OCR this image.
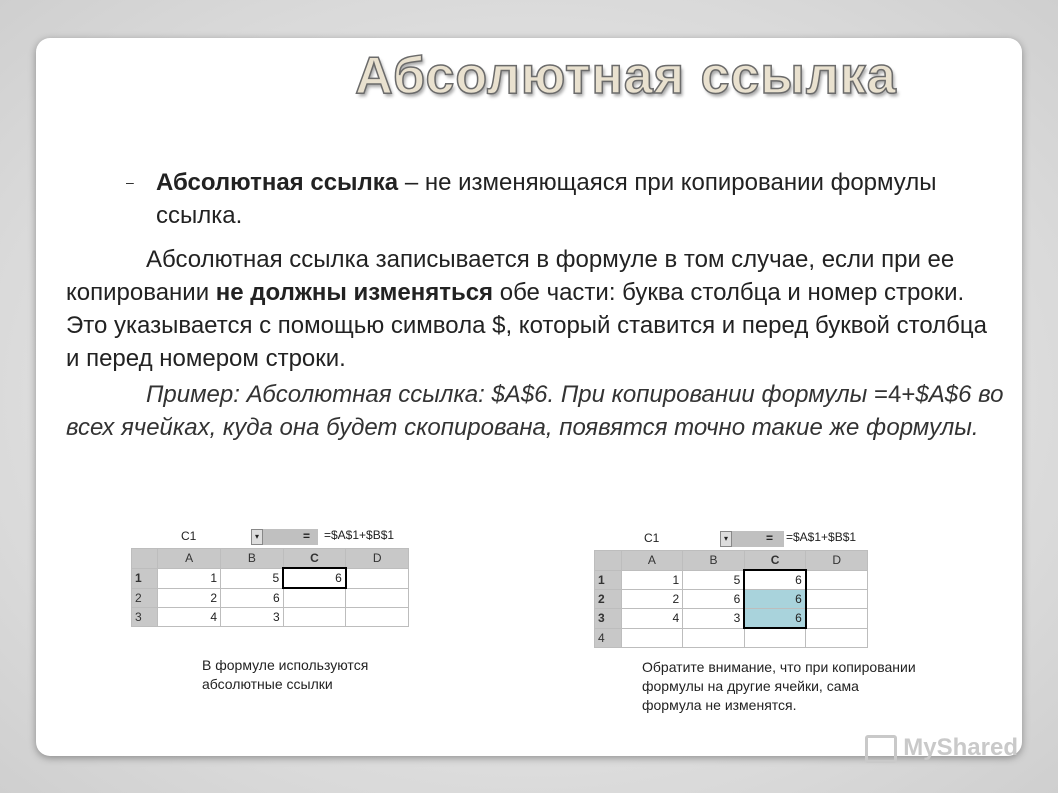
Абсолютная ссылка
– Абсолютная ссылка – не изменяющаяся при копировании формулы ссылка.
Абсолютная ссылка записывается в формуле в том случае, если при ее копировании не должны изменяться обе части: буква столбца и номер строки. Это указывается с помощью символа $, который ставится и перед буквой столбца и перед номером строки.
Пример: Абсолютная ссылка: $A$6. При копировании формулы =4+$A$6 во всех ячейках, куда она будет скопирована, появятся точно такие же формулы.
C1	▾	= =$A$1+$B$1
	A	B	C	D
1	1	5	6	
2	2	6		
3	4	3		
C1	▾	= =$A$1+$B$1
	A	B	C	D
1	1	5	6	
2	2	6	6	
3	4	3	6	
4				
В формуле используются абсолютные ссылки
Обратите внимание, что при копировании формулы на другие ячейки, сама формула не изменятся.
MyShared
